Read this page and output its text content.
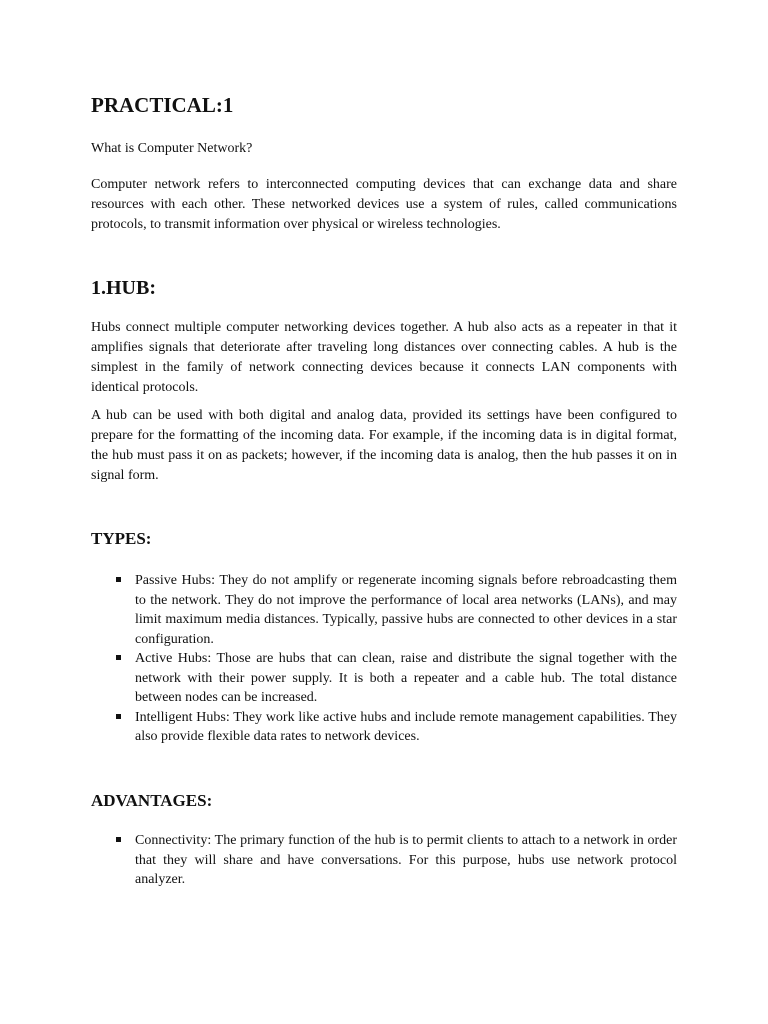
PRACTICAL:1

What is Computer Network?

Computer network refers to interconnected computing devices that can exchange data and share resources with each other. These networked devices use a system of rules, called communications protocols, to transmit information over physical or wireless technologies.

1.HUB:

Hubs connect multiple computer networking devices together. A hub also acts as a repeater in that it amplifies signals that deteriorate after traveling long distances over connecting cables. A hub is the simplest in the family of network connecting devices because it connects LAN components with identical protocols.

A hub can be used with both digital and analog data, provided its settings have been configured to prepare for the formatting of the incoming data. For example, if the incoming data is in digital format, the hub must pass it on as packets; however, if the incoming data is analog, then the hub passes it on in signal form.

TYPES:
Passive Hubs: They do not amplify or regenerate incoming signals before rebroadcasting them to the network. They do not improve the performance of local area networks (LANs), and may limit maximum media distances. Typically, passive hubs are connected to other devices in a star configuration.
Active Hubs: Those are hubs that can clean, raise and distribute the signal together with the network with their power supply. It is both a repeater and a cable hub. The total distance between nodes can be increased.
Intelligent Hubs: They work like active hubs and include remote management capabilities. They also provide flexible data rates to network devices.
ADVANTAGES:
Connectivity: The primary function of the hub is to permit clients to attach to a network in order that they will share and have conversations. For this purpose, hubs use network protocol analyzer.
